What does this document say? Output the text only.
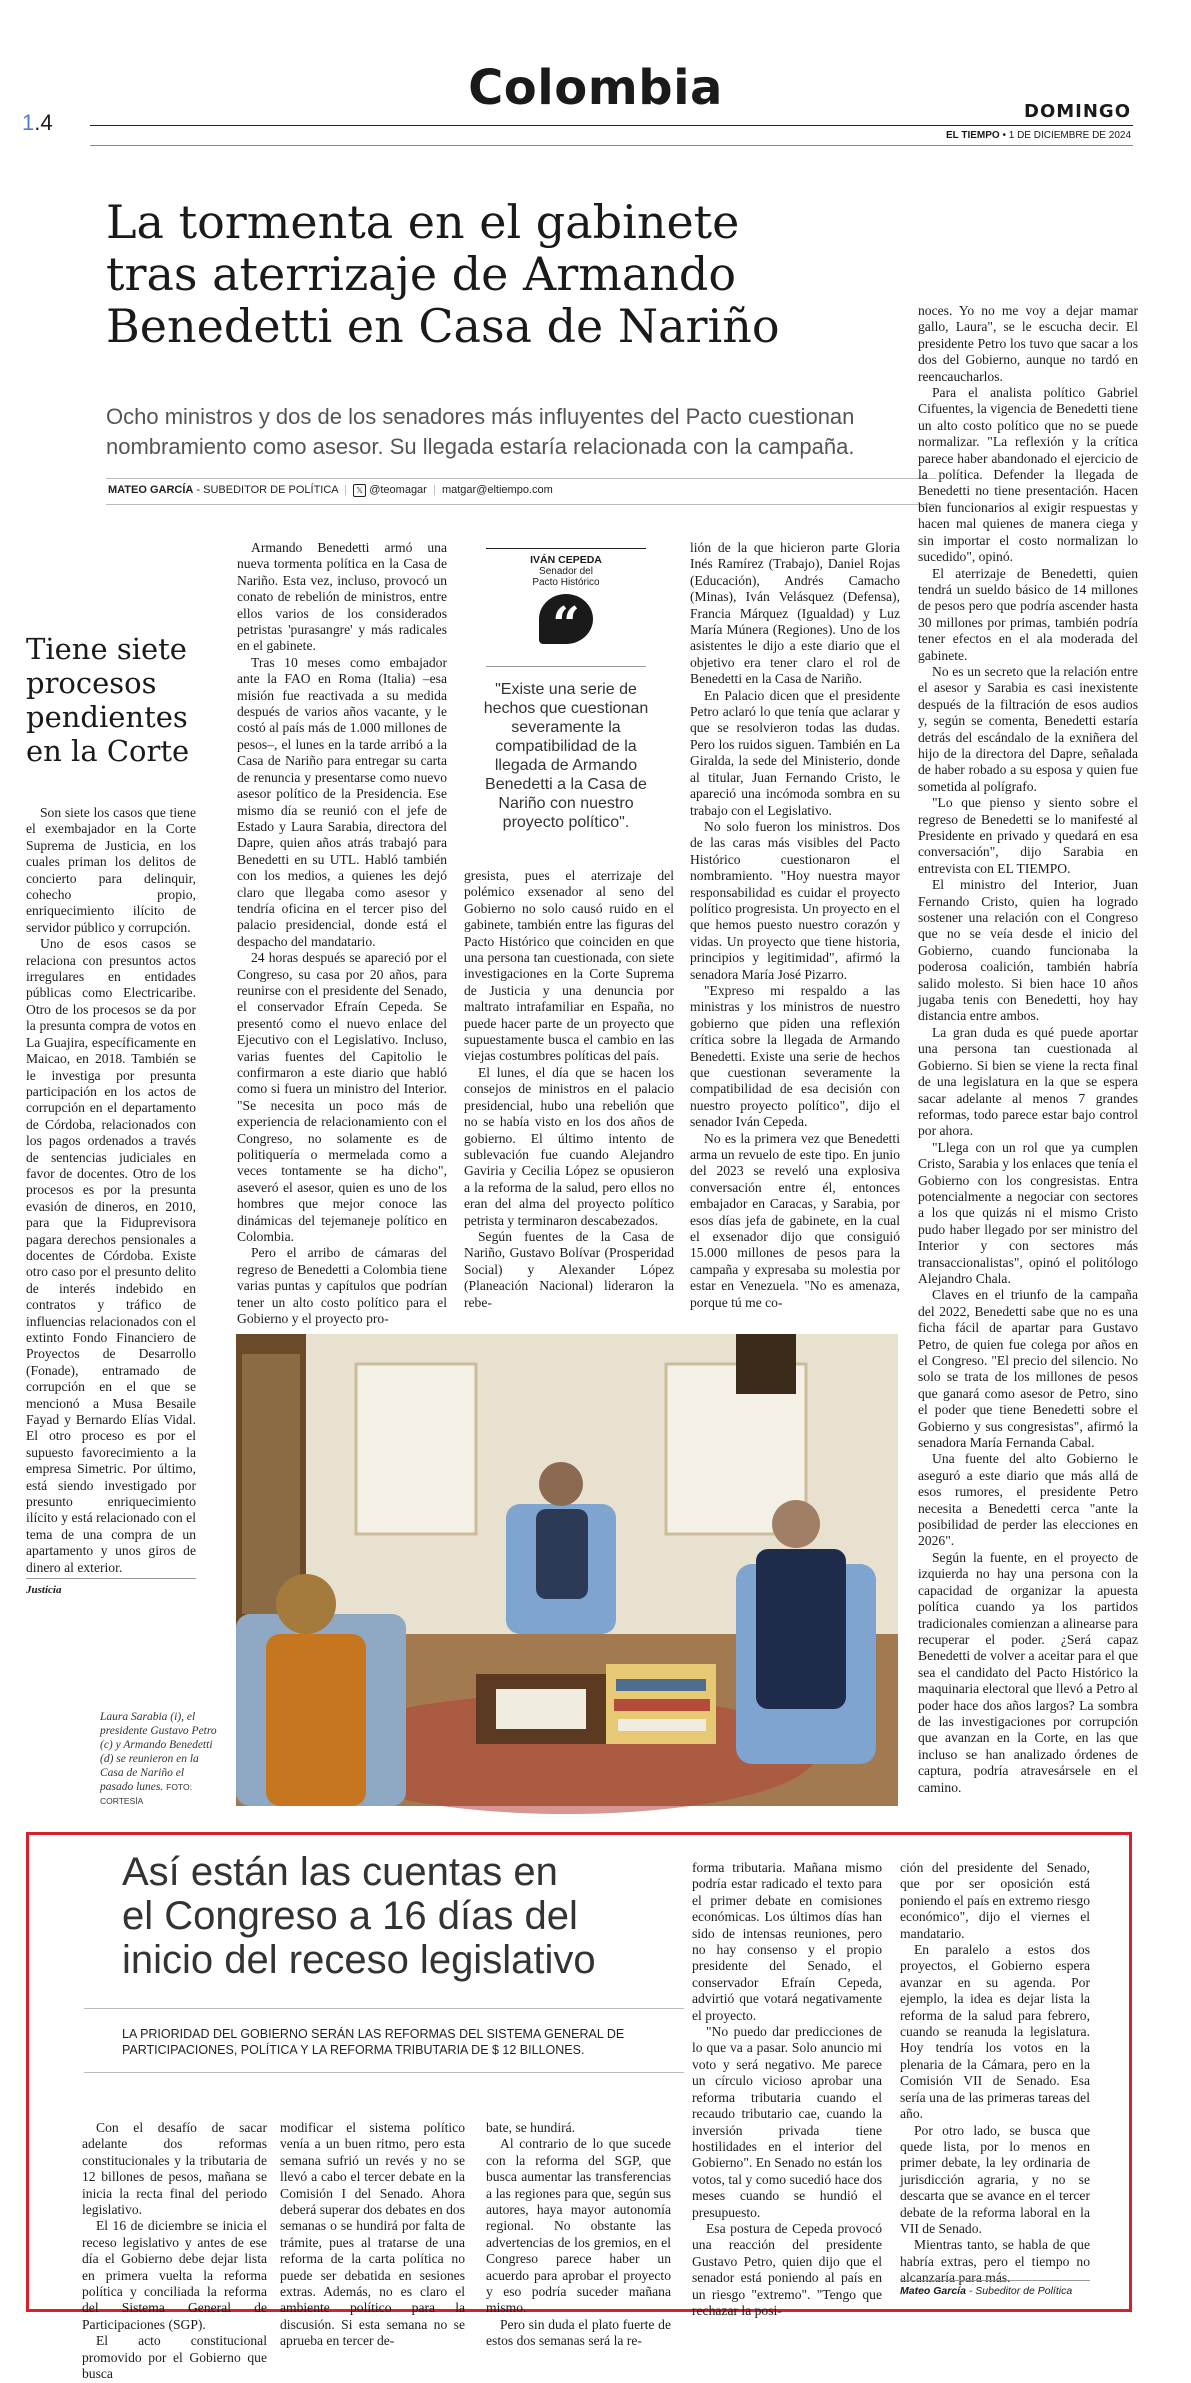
1.4
Colombia	DOMINGO
EL TIEMPO • 1 DE DICIEMBRE DE 2024
La tormenta en el gabinete
tras aterrizaje de Armando
Benedetti en Casa de Nariño
Ocho ministros y dos de los senadores más influyentes del Pacto cuestionan
nombramiento como asesor. Su llegada estaría relacionada con la campaña.
MATEO GARCÍA - SUBEDITOR DE POLÍTICA  |  𝕏 @teomagar  |  matgar@eltiempo.com
Tiene siete
procesos
pendientes
en la Corte

Son siete los casos que tiene el exembajador en la Corte Suprema de Justicia, en los cuales priman los delitos de concierto para delinquir, cohecho propio, enriquecimiento ilícito de servidor público y corrupción.

Uno de esos casos se relaciona con presuntos actos irregulares en entidades públicas como Electricaribe. Otro de los procesos se da por la presunta compra de votos en La Guajira, específicamente en Maicao, en 2018. También se le investiga por presunta participación en los actos de corrupción en el departamento de Córdoba, relacionados con los pagos ordenados a través de sentencias judiciales en favor de docentes. Otro de los procesos es por la presunta evasión de dineros, en 2010, para que la Fiduprevisora pagara derechos pensionales a docentes de Córdoba. Existe otro caso por el presunto delito de interés indebido en contratos y tráfico de influencias relacionados con el extinto Fondo Financiero de Proyectos de Desarrollo (Fonade), entramado de corrupción en el que se mencionó a Musa Besaile Fayad y Bernardo Elías Vidal. El otro proceso es por el supuesto favorecimiento a la empresa Simetric. Por último, está siendo investigado por presunto enriquecimiento ilícito y está relacionado con el tema de una compra de un apartamento y unos giros de dinero al exterior.

Justicia

Armando Benedetti armó una nueva tormenta política en la Casa de Nariño. Esta vez, incluso, provocó un conato de rebelión de ministros, entre ellos varios de los considerados petristas 'purasangre' y más radicales en el gabinete.

Tras 10 meses como embajador ante la FAO en Roma (Italia) –esa misión fue reactivada a su medida después de varios años vacante, y le costó al país más de 1.000 millones de pesos–, el lunes en la tarde arribó a la Casa de Nariño para entregar su carta de renuncia y presentarse como nuevo asesor político de la Presidencia. Ese mismo día se reunió con el jefe de Estado y Laura Sarabia, directora del Dapre, quien años atrás trabajó para Benedetti en su UTL. Habló también con los medios, a quienes les dejó claro que llegaba como asesor y tendría oficina en el tercer piso del palacio presidencial, donde está el despacho del mandatario.

24 horas después se apareció por el Congreso, su casa por 20 años, para reunirse con el presidente del Senado, el conservador Efraín Cepeda. Se presentó como el nuevo enlace del Ejecutivo con el Legislativo. Incluso, varias fuentes del Capitolio le confirmaron a este diario que habló como si fuera un ministro del Interior. "Se necesita un poco más de experiencia de relacionamiento con el Congreso, no solamente es de politiquería o mermelada como a veces tontamente se ha dicho", aseveró el asesor, quien es uno de los hombres que mejor conoce las dinámicas del tejemaneje político en Colombia.

Pero el arribo de cámaras del regreso de Benedetti a Colombia tiene varias puntas y capítulos que podrían tener un alto costo político para el Gobierno y el proyecto pro-

IVÁN CEPEDA
Senador del
Pacto Histórico
“
"Existe una serie de hechos que cuestionan severamente la compatibilidad de la llegada de Armando Benedetti a la Casa de Nariño con nuestro proyecto político".

gresista, pues el aterrizaje del polémico exsenador al seno del Gobierno no solo causó ruido en el gabinete, también entre las figuras del Pacto Histórico que coinciden en que una persona tan cuestionada, con siete investigaciones en la Corte Suprema de Justicia y una denuncia por maltrato intrafamiliar en España, no puede hacer parte de un proyecto que supuestamente busca el cambio en las viejas costumbres políticas del país.

El lunes, el día que se hacen los consejos de ministros en el palacio presidencial, hubo una rebelión que no se había visto en los dos años de gobierno. El último intento de sublevación fue cuando Alejandro Gaviria y Cecilia López se opusieron a la reforma de la salud, pero ellos no eran del alma del proyecto político petrista y terminaron descabezados.

Según fuentes de la Casa de Nariño, Gustavo Bolívar (Prosperidad Social) y Alexander López (Planeación Nacional) lideraron la rebe-

lión de la que hicieron parte Gloria Inés Ramírez (Trabajo), Daniel Rojas (Educación), Andrés Camacho (Minas), Iván Velásquez (Defensa), Francia Márquez (Igualdad) y Luz María Múnera (Regiones). Uno de los asistentes le dijo a este diario que el objetivo era tener claro el rol de Benedetti en la Casa de Nariño.

En Palacio dicen que el presidente Petro aclaró lo que tenía que aclarar y que se resolvieron todas las dudas. Pero los ruidos siguen. También en La Giralda, la sede del Ministerio, donde al titular, Juan Fernando Cristo, le apareció una incómoda sombra en su trabajo con el Legislativo.

No solo fueron los ministros. Dos de las caras más visibles del Pacto Histórico cuestionaron el nombramiento. "Hoy nuestra mayor responsabilidad es cuidar el proyecto político progresista. Un proyecto en el que hemos puesto nuestro corazón y vidas. Un proyecto que tiene historia, principios y legitimidad", afirmó la senadora María José Pizarro.

"Expreso mi respaldo a las ministras y los ministros de nuestro gobierno que piden una reflexión crítica sobre la llegada de Armando Benedetti. Existe una serie de hechos que cuestionan severamente la compatibilidad de esa decisión con nuestro proyecto político", dijo el senador Iván Cepeda.

No es la primera vez que Benedetti arma un revuelo de este tipo. En junio del 2023 se reveló una explosiva conversación entre él, entonces embajador en Caracas, y Sarabia, por esos días jefa de gabinete, en la cual el exsenador dijo que consiguió 15.000 millones de pesos para la campaña y expresaba su molestia por estar en Venezuela. "No es amenaza, porque tú me co-

noces. Yo no me voy a dejar mamar gallo, Laura", se le escucha decir. El presidente Petro los tuvo que sacar a los dos del Gobierno, aunque no tardó en reencaucharlos.

Para el analista político Gabriel Cifuentes, la vigencia de Benedetti tiene un alto costo político que no se puede normalizar. "La reflexión y la crítica parece haber abandonado el ejercicio de la política. Defender la llegada de Benedetti no tiene presentación. Hacen bien funcionarios al exigir respuestas y hacen mal quienes de manera ciega y sin importar el costo normalizan lo sucedido", opinó.

El aterrizaje de Benedetti, quien tendrá un sueldo básico de 14 millones de pesos pero que podría ascender hasta 30 millones por primas, también podría tener efectos en el ala moderada del gabinete.

No es un secreto que la relación entre el asesor y Sarabia es casi inexistente después de la filtración de esos audios y, según se comenta, Benedetti estaría detrás del escándalo de la exniñera del hijo de la directora del Dapre, señalada de haber robado a su esposa y quien fue sometida al polígrafo.

"Lo que pienso y siento sobre el regreso de Benedetti se lo manifesté al Presidente en privado y quedará en esa conversación", dijo Sarabia en entrevista con EL TIEMPO.

El ministro del Interior, Juan Fernando Cristo, quien ha logrado sostener una relación con el Congreso que no se veía desde el inicio del Gobierno, cuando funcionaba la poderosa coalición, también habría salido molesto. Si bien hace 10 años jugaba tenis con Benedetti, hoy hay distancia entre ambos.

La gran duda es qué puede aportar una persona tan cuestionada al Gobierno. Si bien se viene la recta final de una legislatura en la que se espera sacar adelante al menos 7 grandes reformas, todo parece estar bajo control por ahora.

"Llega con un rol que ya cumplen Cristo, Sarabia y los enlaces que tenía el Gobierno con los congresistas. Entra potencialmente a negociar con sectores a los que quizás ni el mismo Cristo pudo haber llegado por ser ministro del Interior y con sectores más transaccionalistas", opinó el politólogo Alejandro Chala.

Claves en el triunfo de la campaña del 2022, Benedetti sabe que no es una ficha fácil de apartar para Gustavo Petro, de quien fue colega por años en el Congreso. "El precio del silencio. No solo se trata de los millones de pesos que ganará como asesor de Petro, sino el poder que tiene Benedetti sobre el Gobierno y sus congresistas", afirmó la senadora María Fernanda Cabal.

Una fuente del alto Gobierno le aseguró a este diario que más allá de esos rumores, el presidente Petro necesita a Benedetti cerca "ante la posibilidad de perder las elecciones en 2026".

Según la fuente, en el proyecto de izquierda no hay una persona con la capacidad de organizar la apuesta política cuando ya los partidos tradicionales comienzan a alinearse para recuperar el poder. ¿Será capaz Benedetti de volver a aceitar para el que sea el candidato del Pacto Histórico la maquinaria electoral que llevó a Petro al poder hace dos años largos? La sombra de las investigaciones por corrupción que avanzan en la Corte, en las que incluso se han analizado órdenes de captura, podría atravesársele en el camino.

Laura Sarabia (i), el presidente Gustavo Petro (c) y Armando Benedetti (d) se reunieron en la Casa de Nariño el pasado lunes. FOTO: CORTESÍA
Así están las cuentas en
el Congreso a 16 días del
inicio del receso legislativo
LA PRIORIDAD DEL GOBIERNO SERÁN LAS REFORMAS DEL SISTEMA GENERAL DE
PARTICIPACIONES, POLÍTICA Y LA REFORMA TRIBUTARIA DE $ 12 BILLONES.

Con el desafío de sacar adelante dos reformas constitucionales y la tributaria de 12 billones de pesos, mañana se inicia la recta final del periodo legislativo.

El 16 de diciembre se inicia el receso legislativo y antes de ese día el Gobierno debe dejar lista en primera vuelta la reforma política y conciliada la reforma del Sistema General de Participaciones (SGP).

El acto constitucional promovido por el Gobierno que busca

modificar el sistema político venía a un buen ritmo, pero esta semana sufrió un revés y no se llevó a cabo el tercer debate en la Comisión I del Senado. Ahora deberá superar dos debates en dos semanas o se hundirá por falta de trámite, pues al tratarse de una reforma de la carta política no puede ser debatida en sesiones extras. Además, no es claro el ambiente político para la discusión. Si esta semana no se aprueba en tercer de-

bate, se hundirá.

Al contrario de lo que sucede con la reforma del SGP, que busca aumentar las transferencias a las regiones para que, según sus autores, haya mayor autonomía regional. No obstante las advertencias de los gremios, en el Congreso parece haber un acuerdo para aprobar el proyecto y eso podría suceder mañana mismo.

Pero sin duda el plato fuerte de estos dos semanas será la re-

forma tributaria. Mañana mismo podría estar radicado el texto para el primer debate en comisiones económicas. Los últimos días han sido de intensas reuniones, pero no hay consenso y el propio presidente del Senado, el conservador Efraín Cepeda, advirtió que votará negativamente el proyecto.

"No puedo dar predicciones de lo que va a pasar. Solo anuncio mi voto y será negativo. Me parece un círculo vicioso aprobar una reforma tributaria cuando el recaudo tributario cae, cuando la inversión privada tiene hostilidades en el interior del Gobierno". En Senado no están los votos, tal y como sucedió hace dos meses cuando se hundió el presupuesto.

Esa postura de Cepeda provocó una reacción del presidente Gustavo Petro, quien dijo que el senador está poniendo al país en un riesgo "extremo". "Tengo que rechazar la posi-

ción del presidente del Senado, que por ser oposición está poniendo el país en extremo riesgo económico", dijo el viernes el mandatario.

En paralelo a estos dos proyectos, el Gobierno espera avanzar en su agenda. Por ejemplo, la idea es dejar lista la reforma de la salud para febrero, cuando se reanuda la legislatura. Hoy tendría los votos en la plenaria de la Cámara, pero en la Comisión VII de Senado. Esa sería una de las primeras tareas del año.

Por otro lado, se busca que quede lista, por lo menos en primer debate, la ley ordinaria de jurisdicción agraria, y no se descarta que se avance en el tercer debate de la reforma laboral en la VII de Senado.

Mientras tanto, se habla de que habría extras, pero el tiempo no alcanzaría para más.

Mateo García - Subeditor de Política
